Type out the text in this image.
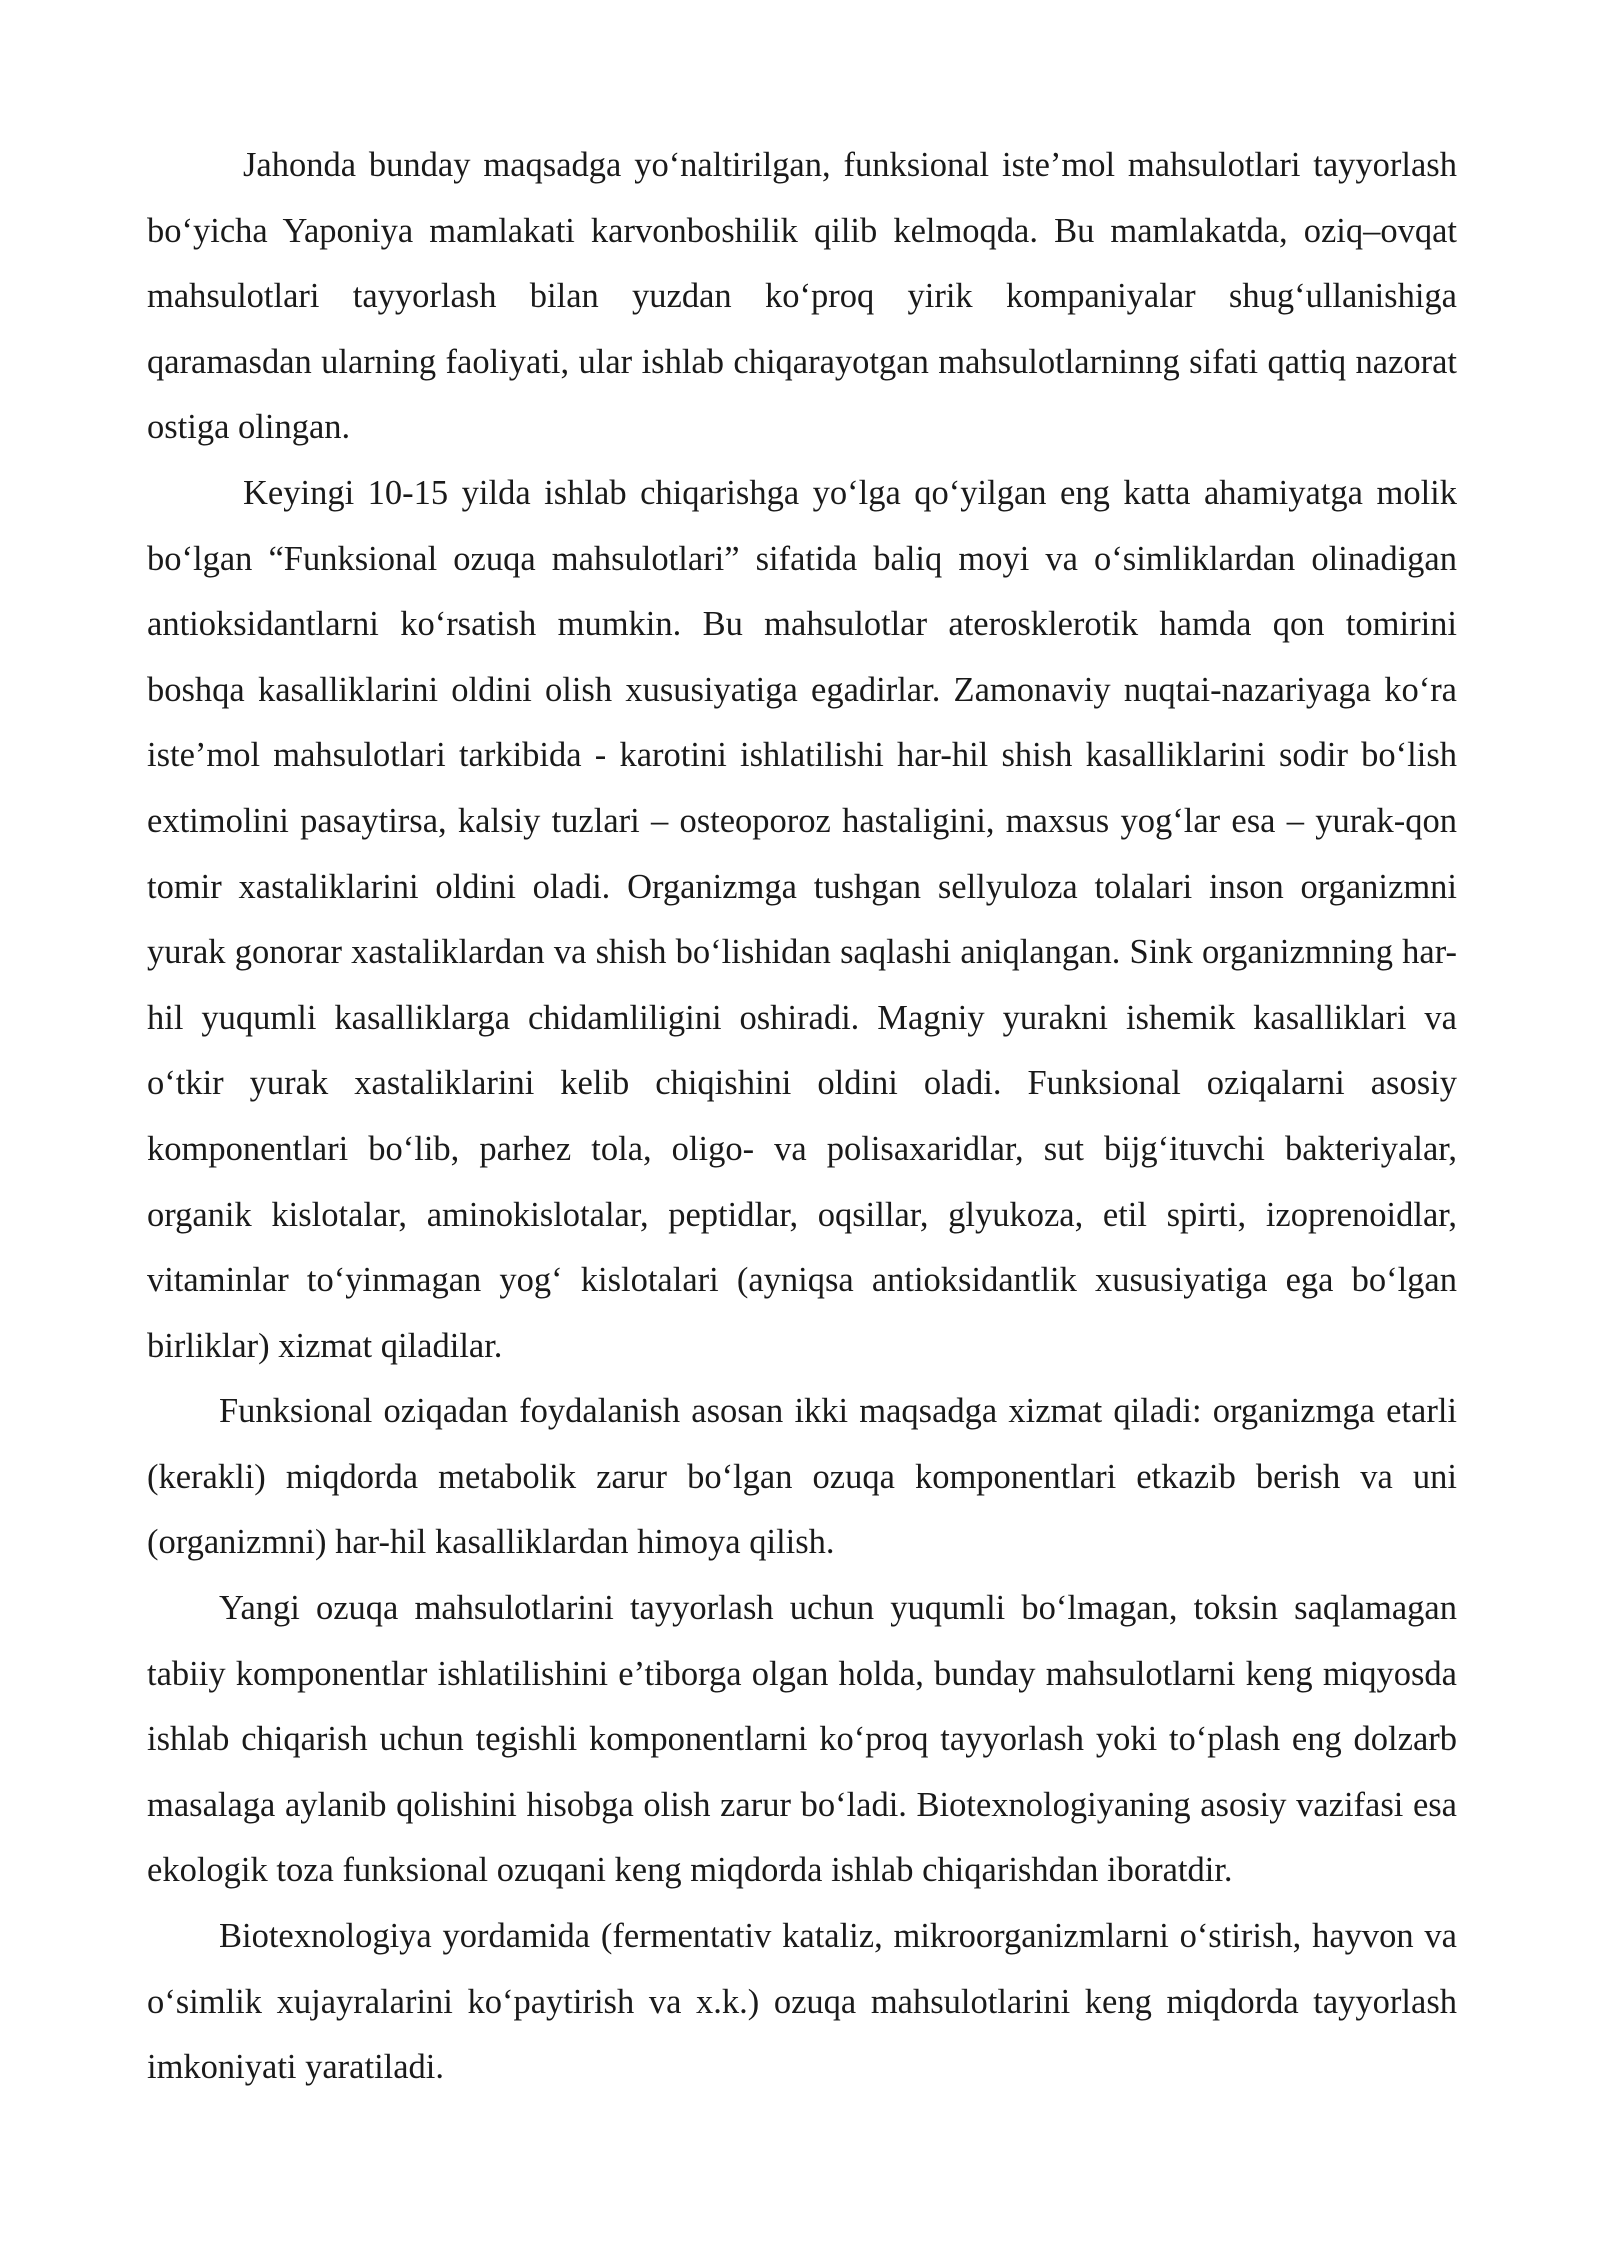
Jahonda bunday maqsadga yo‘naltirilgan, funksional iste’mol mahsulotlari tayyorlash bo‘yicha Yaponiya mamlakati karvonboshilik qilib kelmoqda. Bu mamlakatda, oziq–ovqat mahsulotlari tayyorlash bilan yuzdan ko‘proq yirik kompaniyalar shug‘ullanishiga qaramasdan ularning faoliyati, ular ishlab chiqarayotgan mahsulotlarninng sifati qattiq nazorat ostiga olingan.

Keyingi 10-15 yilda ishlab chiqarishga yo‘lga qo‘yilgan eng katta ahamiyatga molik bo‘lgan “Funksional ozuqa mahsulotlari” sifatida baliq moyi va o‘simliklardan olinadigan antioksidantlarni ko‘rsatish mumkin. Bu mahsulotlar aterosklerotik hamda qon tomirini boshqa kasalliklarini oldini olish xususiyatiga egadirlar. Zamonaviy nuqtai-nazariyaga ko‘ra iste’mol mahsulotlari tarkibida - karotini ishlatilishi har-hil shish kasalliklarini sodir bo‘lish extimolini pasaytirsa, kalsiy tuzlari – osteoporoz hastaligini, maxsus yog‘lar esa – yurak-qon tomir xastaliklarini oldini oladi. Organizmga tushgan sellyuloza tolalari inson organizmni yurak gonorar xastaliklardan va shish bo‘lishidan saqlashi aniqlangan. Sink organizmning har-hil yuqumli kasalliklarga chidamliligini oshiradi. Magniy yurakni ishemik kasalliklari va o‘tkir yurak xastaliklarini kelib chiqishini oldini oladi. Funksional oziqalarni asosiy komponentlari bo‘lib, parhez tola, oligo- va polisaxaridlar, sut bijg‘ituvchi bakteriyalar, organik kislotalar, aminokislotalar, peptidlar, oqsillar, glyukoza, etil spirti, izoprenoidlar, vitaminlar to‘yinmagan yog‘ kislotalari (ayniqsa antioksidantlik xususiyatiga ega bo‘lgan birliklar) xizmat qiladilar.

Funksional oziqadan foydalanish asosan ikki maqsadga xizmat qiladi: organizmga etarli (kerakli) miqdorda metabolik zarur bo‘lgan ozuqa komponentlari etkazib berish va uni (organizmni) har-hil kasalliklardan himoya qilish.

Yangi ozuqa mahsulotlarini tayyorlash uchun yuqumli bo‘lmagan, toksin saqlamagan tabiiy komponentlar ishlatilishini e’tiborga olgan holda, bunday mahsulotlarni keng miqyosda ishlab chiqarish uchun tegishli komponentlarni ko‘proq tayyorlash yoki to‘plash eng dolzarb masalaga aylanib qolishini hisobga olish zarur bo‘ladi. Biotexnologiyaning asosiy vazifasi esa ekologik toza funksional ozuqani keng miqdorda ishlab chiqarishdan iboratdir.

Biotexnologiya yordamida (fermentativ kataliz, mikroorganizmlarni o‘stirish, hayvon va o‘simlik xujayralarini ko‘paytirish va x.k.) ozuqa mahsulotlarini keng miqdorda tayyorlash imkoniyati yaratiladi.
